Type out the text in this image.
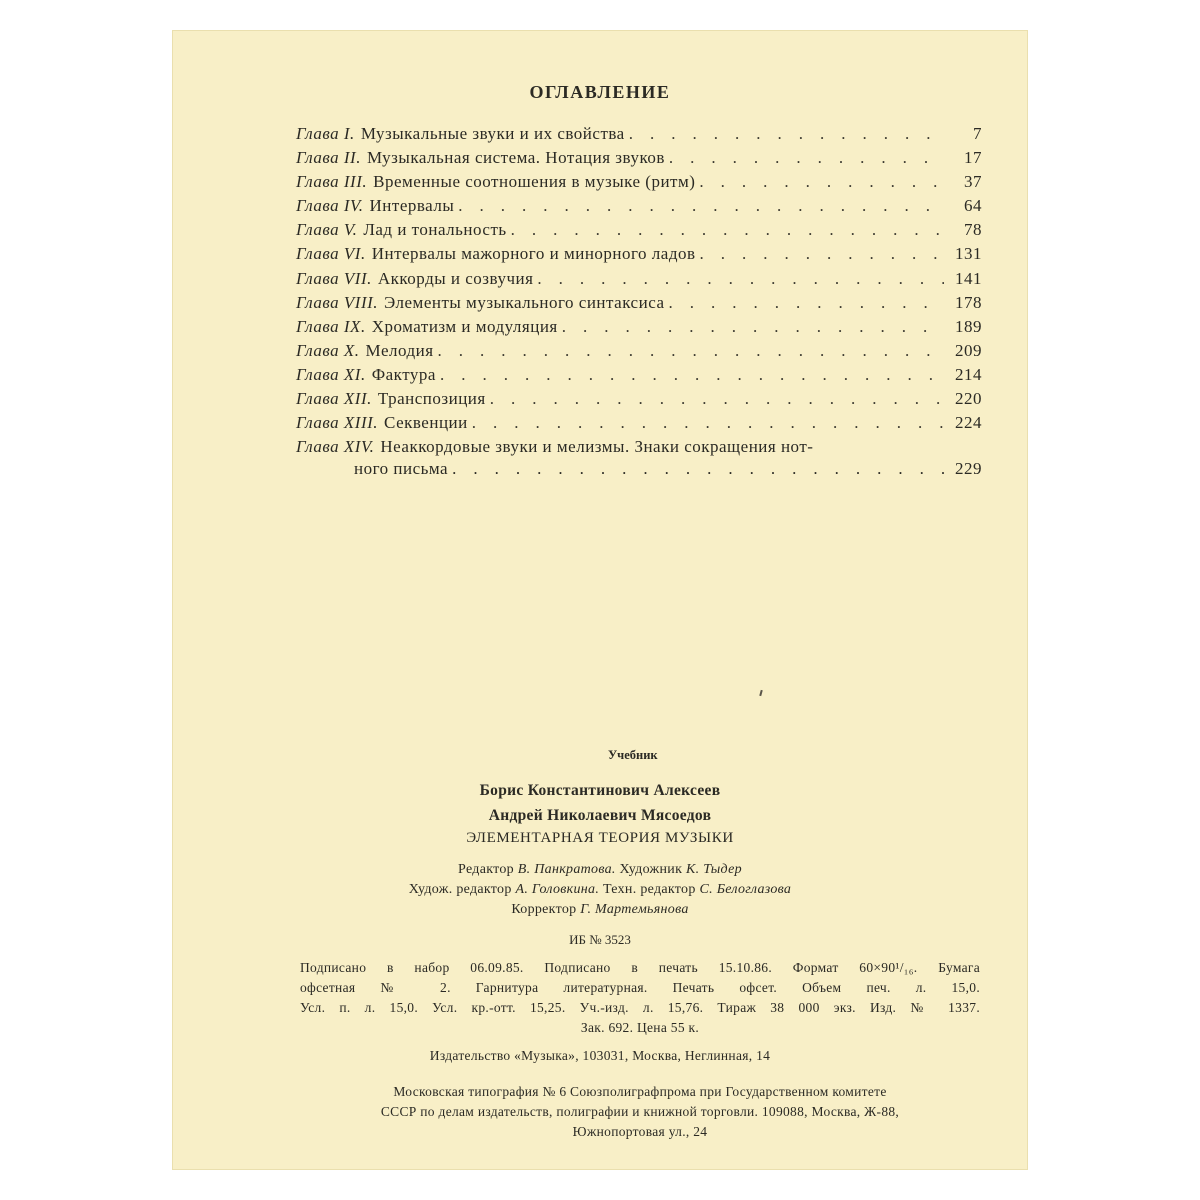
ОГЛАВЛЕНИЕ
Глава I. Музыкальные звуки и их свойства .	7
Глава II. Музыкальная система. Нотация звуков .	17
Глава III. Временные соотношения в музыке (ритм) .	37
Глава IV. Интервалы .	64
Глава V. Лад и тональность .	78
Глава VI. Интервалы мажорного и минорного ладов .	131
Глава VII. Аккорды и созвучия .	141
Глава VIII. Элементы музыкального синтаксиса .	178
Глава IX. Хроматизм и модуляция .	189
Глава X. Мелодия .	209
Глава XI. Фактура .	214
Глава XII. Транспозиция .	220
Глава XIII. Секвенции .	224
Глава XIV. Неаккордовые звуки и мелизмы. Знаки сокращения нот-
ного письма .	229
Учебник
Борис Константинович Алексеев
Андрей Николаевич Мясоедов
ЭЛЕМЕНТАРНАЯ ТЕОРИЯ МУЗЫКИ
Редактор В. Панкратова. Художник К. Тыдер
Худож. редактор А. Головкина. Техн. редактор С. Белоглазова
Корректор Г. Мартемьянова
ИБ № 3523
Подписано в набор 06.09.85. Подписано в печать 15.10.86. Формат 60×90¹/₁₆. Бумага
офсетная № 2. Гарнитура литературная. Печать офсет. Объем печ. л. 15,0.
Усл. п. л. 15,0. Усл. кр.-отт. 15,25. Уч.-изд. л. 15,76. Тираж 38 000 экз. Изд. № 1337.
Зак. 692. Цена 55 к.
Издательство «Музыка», 103031, Москва, Неглинная, 14
Московская типография № 6 Союзполиграфпрома при Государственном комитете
СССР по делам издательств, полиграфии и книжной торговли. 109088, Москва, Ж-88,
Южнопортовая ул., 24
